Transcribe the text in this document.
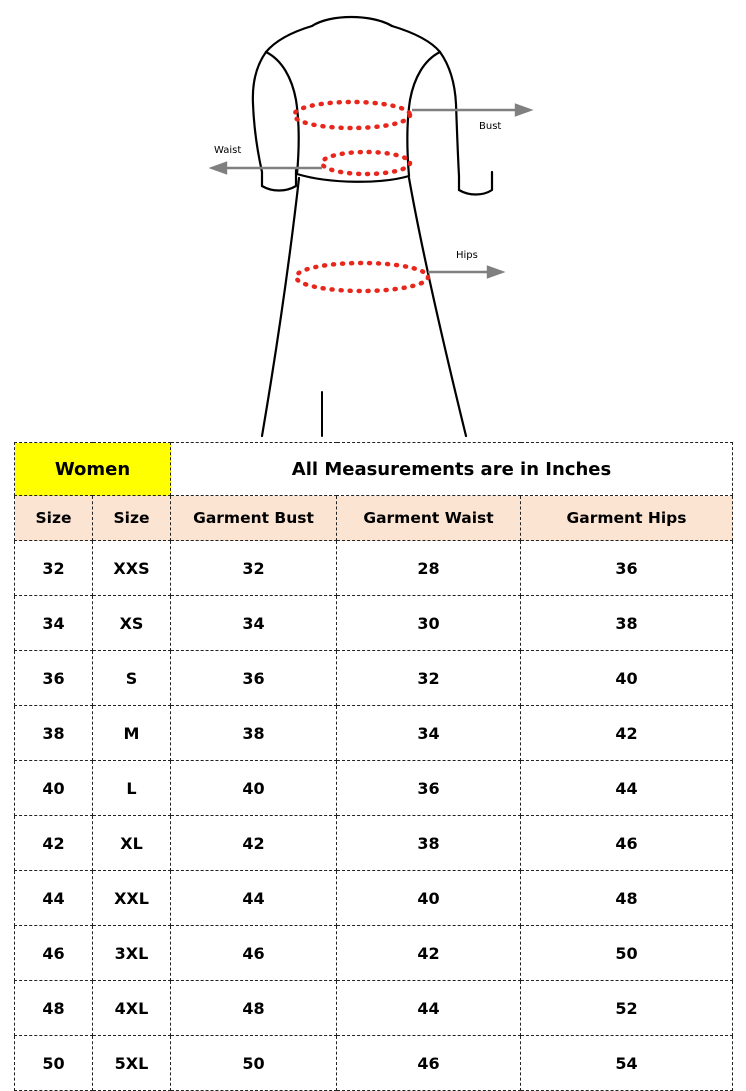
Bust
Waist
Hips
Women		All Measurements are in Inches		
Size	Size	Garment Bust	Garment Waist	Garment Hips
32	XXS	32	28	36
34	XS	34	30	38
36	S	36	32	40
38	M	38	34	42
40	L	40	36	44
42	XL	42	38	46
44	XXL	44	40	48
46	3XL	46	42	50
48	4XL	48	44	52
50	5XL	50	46	54
